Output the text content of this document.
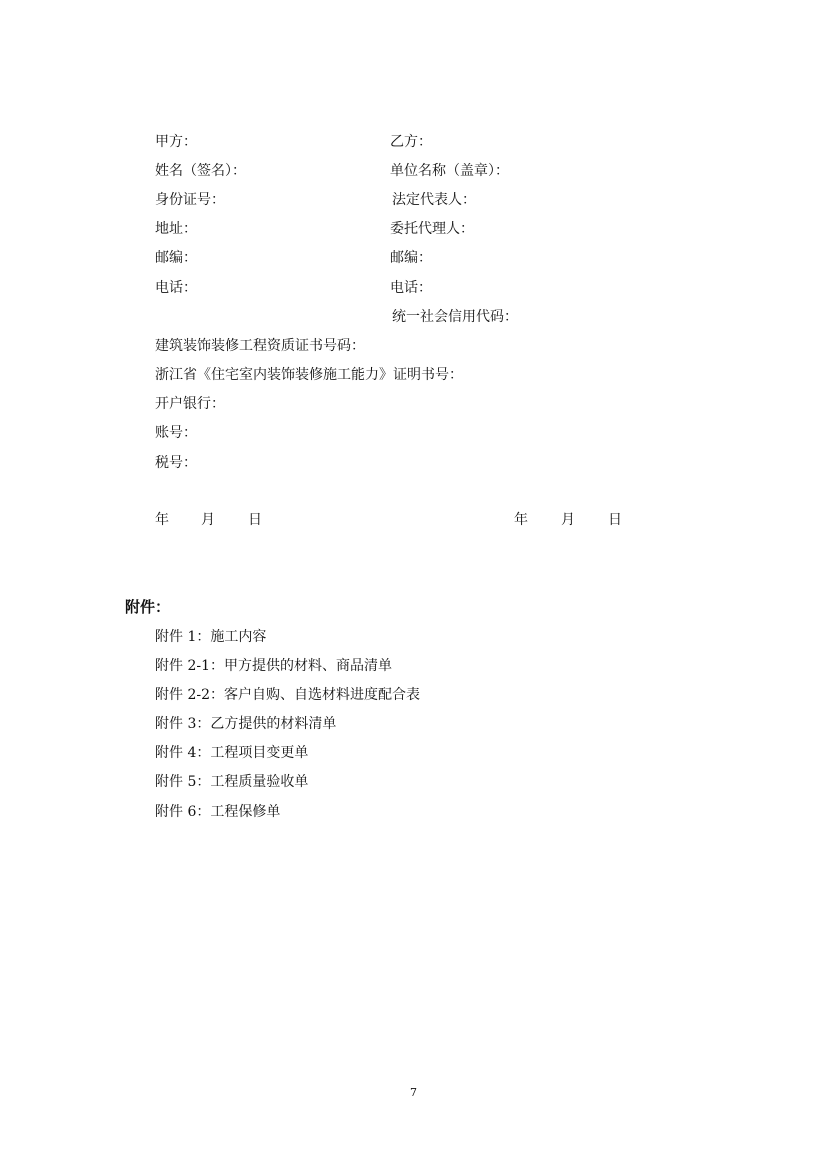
甲方：
姓名（签名）：
身份证号：
地址：
邮编：
电话：
乙方：
单位名称（盖章）：
法定代表人：
委托代理人：
邮编：
电话：
统一社会信用代码：
建筑装饰装修工程资质证书号码：
浙江省《住宅室内装饰装修施工能力》证明书号：
开户银行：
账号：
税号：
年 月 日	年 月 日
附件：
附件 1：施工内容
附件 2-1：甲方提供的材料、商品清单
附件 2-2：客户自购、自选材料进度配合表
附件 3：乙方提供的材料清单
附件 4：工程项目变更单
附件 5：工程质量验收单
附件 6：工程保修单
7
